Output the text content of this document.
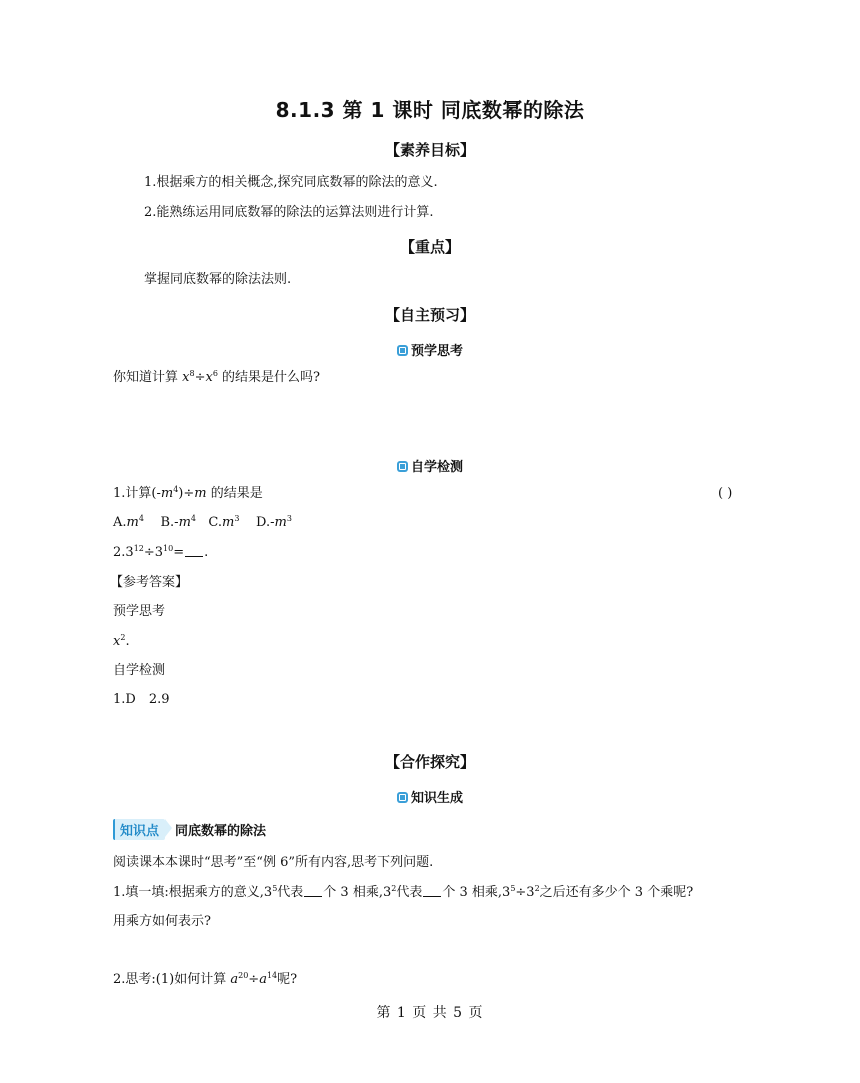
8.1.3 第 1 课时 同底数幂的除法
【素养目标】
1.根据乘方的相关概念,探究同底数幂的除法的意义.
2.能熟练运用同底数幂的除法的运算法则进行计算.
【重点】
掌握同底数幂的除法法则.
【自主预习】
预学思考
你知道计算 $x^8\div x^6$ 的结果是什么吗?
自学检测
1.计算$(-m^4)\div m$ 的结果是	( )
$A.m^4$ $B.-m^4$ $C.m^3$ $D.-m^3$
$2.3^{12}\div 3^{10}=$ .
【参考答案】
预学思考
$x^2$.
自学检测
1.D　2.9
【合作探究】
知识生成
知识点 同底数幂的除法
阅读课本本课时“思考”至“例 6”所有内容,思考下列问题.
1.填一填:根据乘方的意义$,3^5$代表 个 3 相乘$,3^2$代表 个 3 相乘$,3^5\div 3^2$之后还有多少个 3 个乘呢?
用乘方如何表示?
2.思考:(1)如何计算 $a^{20}\div a^{14}$呢?
第 1 页 共 5 页
